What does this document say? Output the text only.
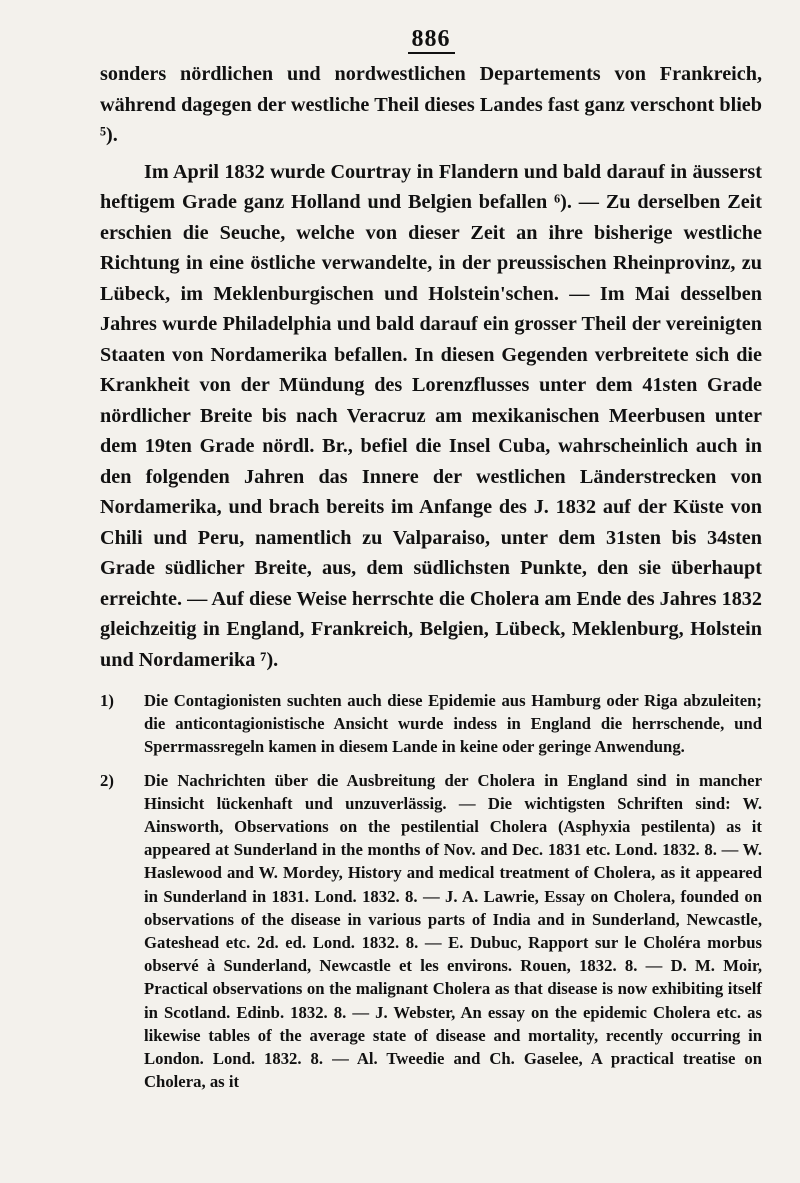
886

sonders nördlichen und nordwestlichen Departements von Frankreich, während dagegen der westliche Theil dieses Landes fast ganz verschont blieb ⁵).

Im April 1832 wurde Courtray in Flandern und bald darauf in äusserst heftigem Grade ganz Holland und Belgien befallen ⁶). — Zu derselben Zeit erschien die Seuche, welche von dieser Zeit an ihre bisherige westliche Richtung in eine östliche verwandelte, in der preussischen Rheinprovinz, zu Lübeck, im Meklenburgischen und Holstein'schen. — Im Mai desselben Jahres wurde Philadelphia und bald darauf ein grosser Theil der vereinigten Staaten von Nordamerika befallen. In diesen Gegenden verbreitete sich die Krankheit von der Mündung des Lorenzflusses unter dem 41sten Grade nördlicher Breite bis nach Veracruz am mexikanischen Meerbusen unter dem 19ten Grade nördl. Br., befiel die Insel Cuba, wahrscheinlich auch in den folgenden Jahren das Innere der westlichen Länderstrecken von Nordamerika, und brach bereits im Anfange des J. 1832 auf der Küste von Chili und Peru, namentlich zu Valparaiso, unter dem 31sten bis 34sten Grade südlicher Breite, aus, dem südlichsten Punkte, den sie überhaupt erreichte. — Auf diese Weise herrschte die Cholera am Ende des Jahres 1832 gleichzeitig in England, Frankreich, Belgien, Lübeck, Meklenburg, Holstein und Nordamerika ⁷).

1) Die Contagionisten suchten auch diese Epidemie aus Hamburg oder Riga abzuleiten; die anticontagionistische Ansicht wurde indess in England die herrschende, und Sperrmassregeln kamen in diesem Lande in keine oder geringe Anwendung.

2) Die Nachrichten über die Ausbreitung der Cholera in England sind in mancher Hinsicht lückenhaft und unzuverlässig. — Die wichtigsten Schriften sind: W. Ainsworth, Observations on the pestilential Cholera (Asphyxia pestilenta) as it appeared at Sunderland in the months of Nov. and Dec. 1831 etc. Lond. 1832. 8. — W. Haslewood and W. Mordey, History and medical treatment of Cholera, as it appeared in Sunderland in 1831. Lond. 1832. 8. — J. A. Lawrie, Essay on Cholera, founded on observations of the disease in various parts of India and in Sunderland, Newcastle, Gateshead etc. 2d. ed. Lond. 1832. 8. — E. Dubuc, Rapport sur le Choléra morbus observé à Sunderland, Newcastle et les environs. Rouen, 1832. 8. — D. M. Moir, Practical observations on the malignant Cholera as that disease is now exhibiting itself in Scotland. Edinb. 1832. 8. — J. Webster, An essay on the epidemic Cholera etc. as likewise tables of the average state of disease and mortality, recently occurring in London. Lond. 1832. 8. — Al. Tweedie and Ch. Gaselee, A practical treatise on Cholera, as it
